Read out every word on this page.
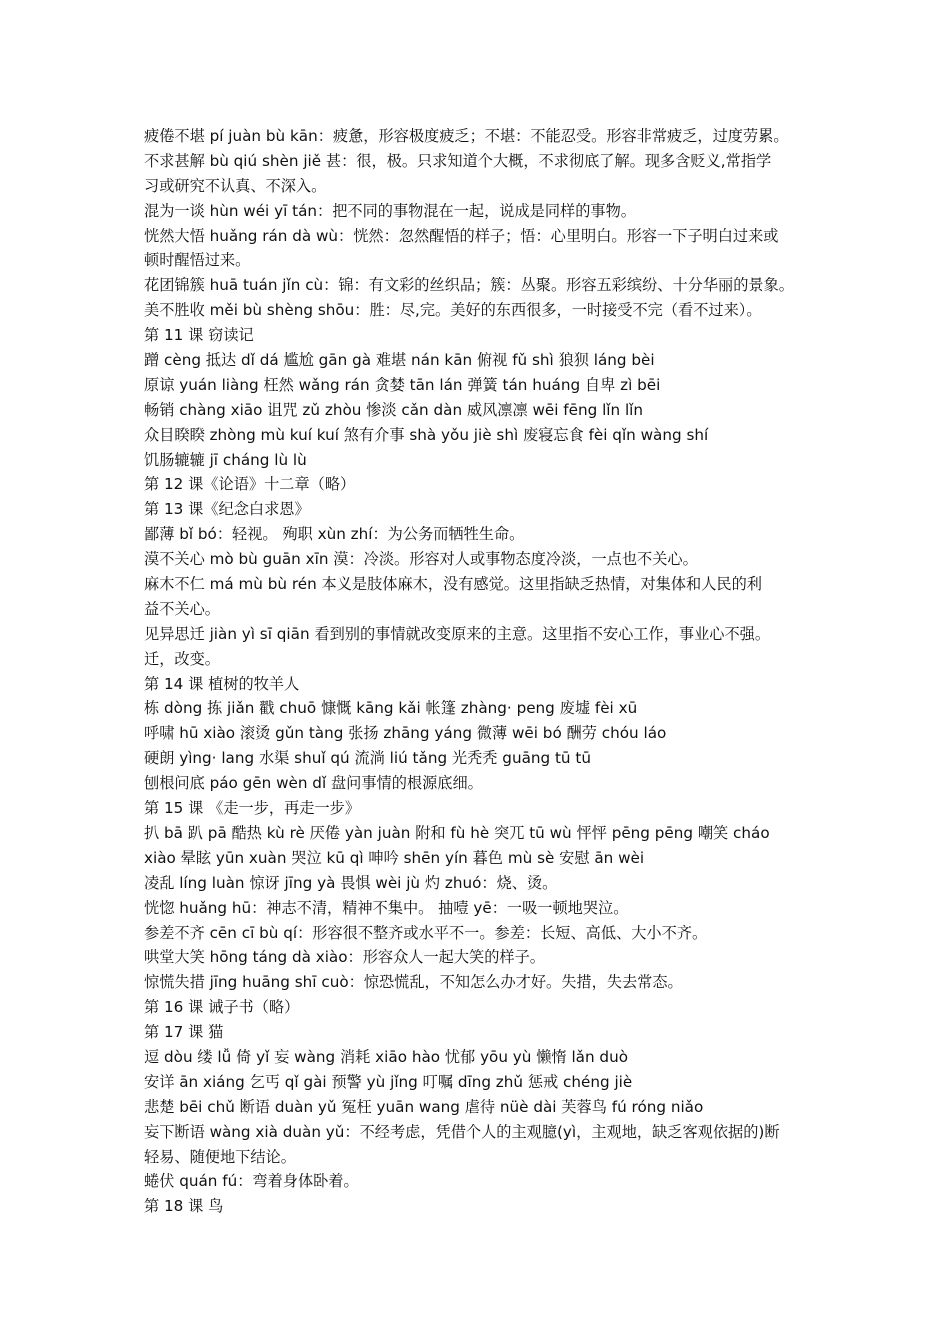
疲倦不堪 pí juàn bù kān：疲惫，形容极度疲乏；不堪：不能忍受。形容非常疲乏，过度劳累。
不求甚解 bù qiú shèn jiě 甚：很，极。只求知道个大概，不求彻底了解。现多含贬义,常指学
习或研究不认真、不深入。
混为一谈 hùn wéi yī tán：把不同的事物混在一起，说成是同样的事物。
恍然大悟 huǎng rán dà wù：恍然：忽然醒悟的样子；悟：心里明白。形容一下子明白过来或
顿时醒悟过来。
花团锦簇 huā tuán jǐn cù：锦：有文彩的丝织品；簇：丛聚。形容五彩缤纷、十分华丽的景象。
美不胜收 měi bù shèng shōu：胜：尽,完。美好的东西很多，一时接受不完（看不过来）。
第 11 课 窃读记
蹭 cèng 抵达 dǐ dá 尴尬 gān gà 难堪 nán kān 俯视 fǔ shì 狼狈 láng bèi
原谅 yuán liàng 枉然 wǎng rán 贪婪 tān lán 弹簧 tán huáng 自卑 zì bēi
畅销 chàng xiāo 诅咒 zǔ zhòu 惨淡 cǎn dàn 威风凛凛 wēi fēng lǐn lǐn
众目睽睽 zhòng mù kuí kuí 煞有介事 shà yǒu jiè shì 废寝忘食 fèi qǐn wàng shí
饥肠辘辘 jī cháng lù lù
第 12 课《论语》十二章（略）
第 13 课《纪念白求恩》
鄙薄 bǐ bó：轻视。 殉职 xùn zhí：为公务而牺牲生命。
漠不关心 mò bù guān xīn 漠：冷淡。形容对人或事物态度冷淡，一点也不关心。
麻木不仁 má mù bù rén 本义是肢体麻木，没有感觉。这里指缺乏热情，对集体和人民的利
益不关心。
见异思迁 jiàn yì sī qiān 看到别的事情就改变原来的主意。这里指不安心工作，事业心不强。
迁，改变。
第 14 课 植树的牧羊人
栋 dòng 拣 jiǎn 戳 chuō 慷慨 kāng kǎi 帐篷 zhàng· peng 废墟 fèi xū
呼啸 hū xiào 滚烫 gǔn tàng 张扬 zhāng yáng 微薄 wēi bó 酬劳 chóu láo
硬朗 yìng· lang 水渠 shuǐ qú 流淌 liú tǎng 光秃秃 guāng tū tū
刨根问底 páo gēn wèn dǐ 盘问事情的根源底细。
第 15 课 《走一步，再走一步》
扒 bā 趴 pā 酷热 kù rè 厌倦 yàn juàn 附和 fù hè 突兀 tū wù 怦怦 pēng pēng 嘲笑 cháo
xiào 晕眩 yūn xuàn 哭泣 kū qì 呻吟 shēn yín 暮色 mù sè 安慰 ān wèi
凌乱 líng luàn 惊讶 jīng yà 畏惧 wèi jù 灼 zhuó：烧、烫。
恍惚 huǎng hū：神志不清，精神不集中。 抽噎 yē：一吸一顿地哭泣。
参差不齐 cēn cī bù qí：形容很不整齐或水平不一。参差：长短、高低、大小不齐。
哄堂大笑 hōng táng dà xiào：形容众人一起大笑的样子。
惊慌失措 jīng huāng shī cuò：惊恐慌乱，不知怎么办才好。失措，失去常态。
第 16 课 诫子书（略）
第 17 课 猫
逗 dòu 缕 lǚ 倚 yǐ 妄 wàng 消耗 xiāo hào 忧郁 yōu yù 懒惰 lǎn duò
安详 ān xiáng 乞丐 qǐ gài 预警 yù jǐng 叮嘱 dīng zhǔ 惩戒 chéng jiè
悲楚 bēi chǔ 断语 duàn yǔ 冤枉 yuān wang 虐待 nüè dài 芙蓉鸟 fú róng niǎo
妄下断语 wàng xià duàn yǔ：不经考虑，凭借个人的主观臆(yì，主观地，缺乏客观依据的)断
轻易、随便地下结论。
蜷伏 quán fú：弯着身体卧着。
第 18 课 鸟
